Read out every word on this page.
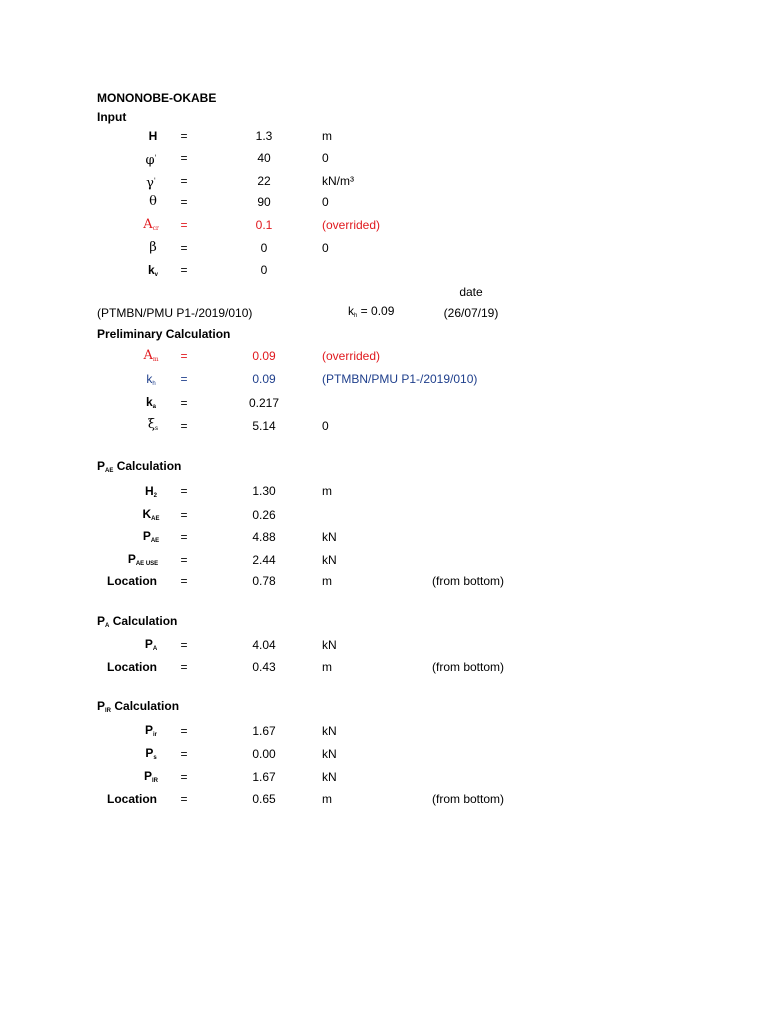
MONONOBE-OKABE
Input
H =	1.3	m
φ' =	40	0
γ' =	22	kN/m³
θ =	90	0
$A_{cr}$ =	0.1	(overrided)
β =	0	0
$k_v$ =	0
date
(PTMBN/PMU P1-/2019/010)	$k_h = 0.09$	(26/07/19)
Preliminary Calculation
$A_m$ =	0.09	(overrided)
$k_h$ =	0.09	(PTMBN/PMU P1-/2019/010)
$k_a$ =	0.217
$\xi_s$ =	5.14	0
$P_{AE}$ Calculation
$H_2$ =	1.30	m
$K_{AE}$ =	0.26
$P_{AE}$ =	4.88	kN
$P_{AE USE}$ =	2.44	kN
Location =	0.78	m	(from bottom)
$P_A$ Calculation
$P_A$ =	4.04	kN
Location =	0.43	m	(from bottom)
$P_{IR}$ Calculation
$P_{ir}$ =	1.67	kN
$P_s$ =	0.00	kN
$P_{IR}$ =	1.67	kN
Location =	0.65	m	(from bottom)
